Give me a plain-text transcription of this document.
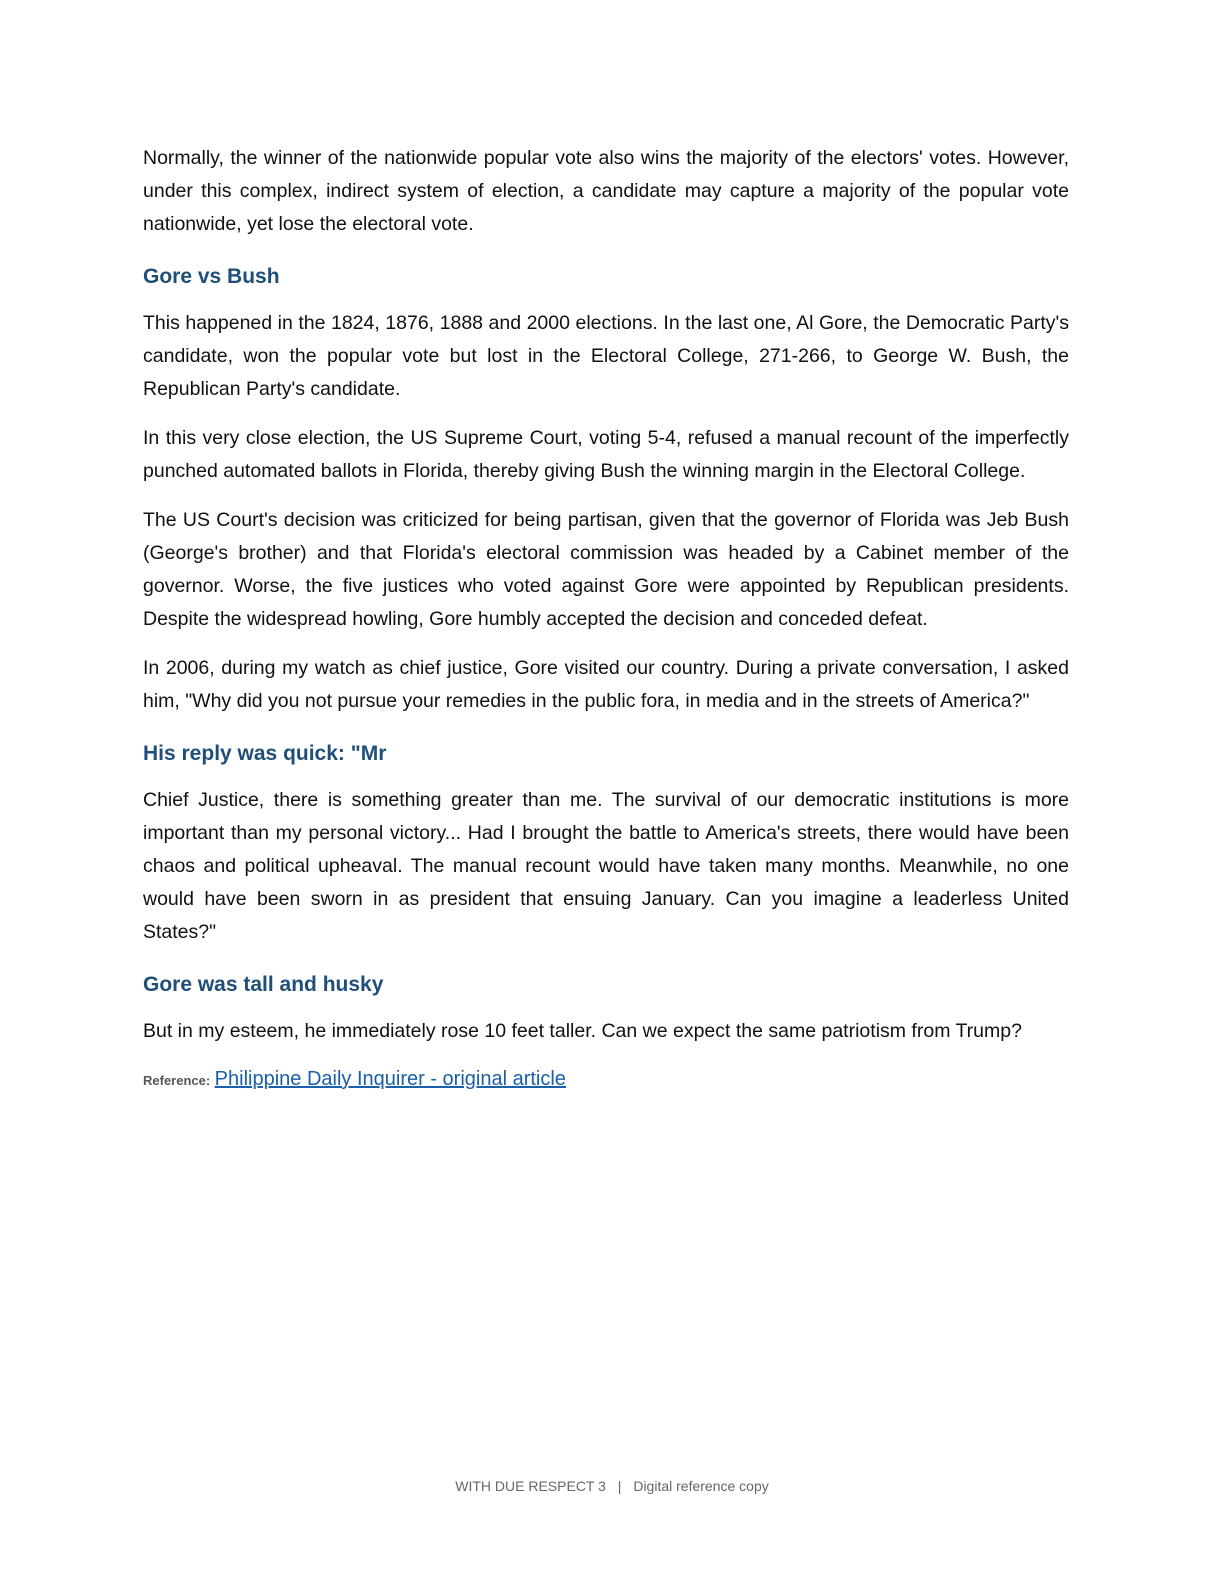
Normally, the winner of the nationwide popular vote also wins the majority of the electors' votes. However, under this complex, indirect system of election, a candidate may capture a majority of the popular vote nationwide, yet lose the electoral vote.

Gore vs Bush

This happened in the 1824, 1876, 1888 and 2000 elections. In the last one, Al Gore, the Democratic Party's candidate, won the popular vote but lost in the Electoral College, 271-266, to George W. Bush, the Republican Party's candidate.

In this very close election, the US Supreme Court, voting 5-4, refused a manual recount of the imperfectly punched automated ballots in Florida, thereby giving Bush the winning margin in the Electoral College.

The US Court's decision was criticized for being partisan, given that the governor of Florida was Jeb Bush (George's brother) and that Florida's electoral commission was headed by a Cabinet member of the governor. Worse, the five justices who voted against Gore were appointed by Republican presidents. Despite the widespread howling, Gore humbly accepted the decision and conceded defeat.

In 2006, during my watch as chief justice, Gore visited our country. During a private conversation, I asked him, "Why did you not pursue your remedies in the public fora, in media and in the streets of America?"

His reply was quick: "Mr

Chief Justice, there is something greater than me. The survival of our democratic institutions is more important than my personal victory... Had I brought the battle to America's streets, there would have been chaos and political upheaval. The manual recount would have taken many months. Meanwhile, no one would have been sworn in as president that ensuing January. Can you imagine a leaderless United States?"

Gore was tall and husky

But in my esteem, he immediately rose 10 feet taller. Can we expect the same patriotism from Trump?

Reference: Philippine Daily Inquirer - original article
WITH DUE RESPECT 3 | Digital reference copy
